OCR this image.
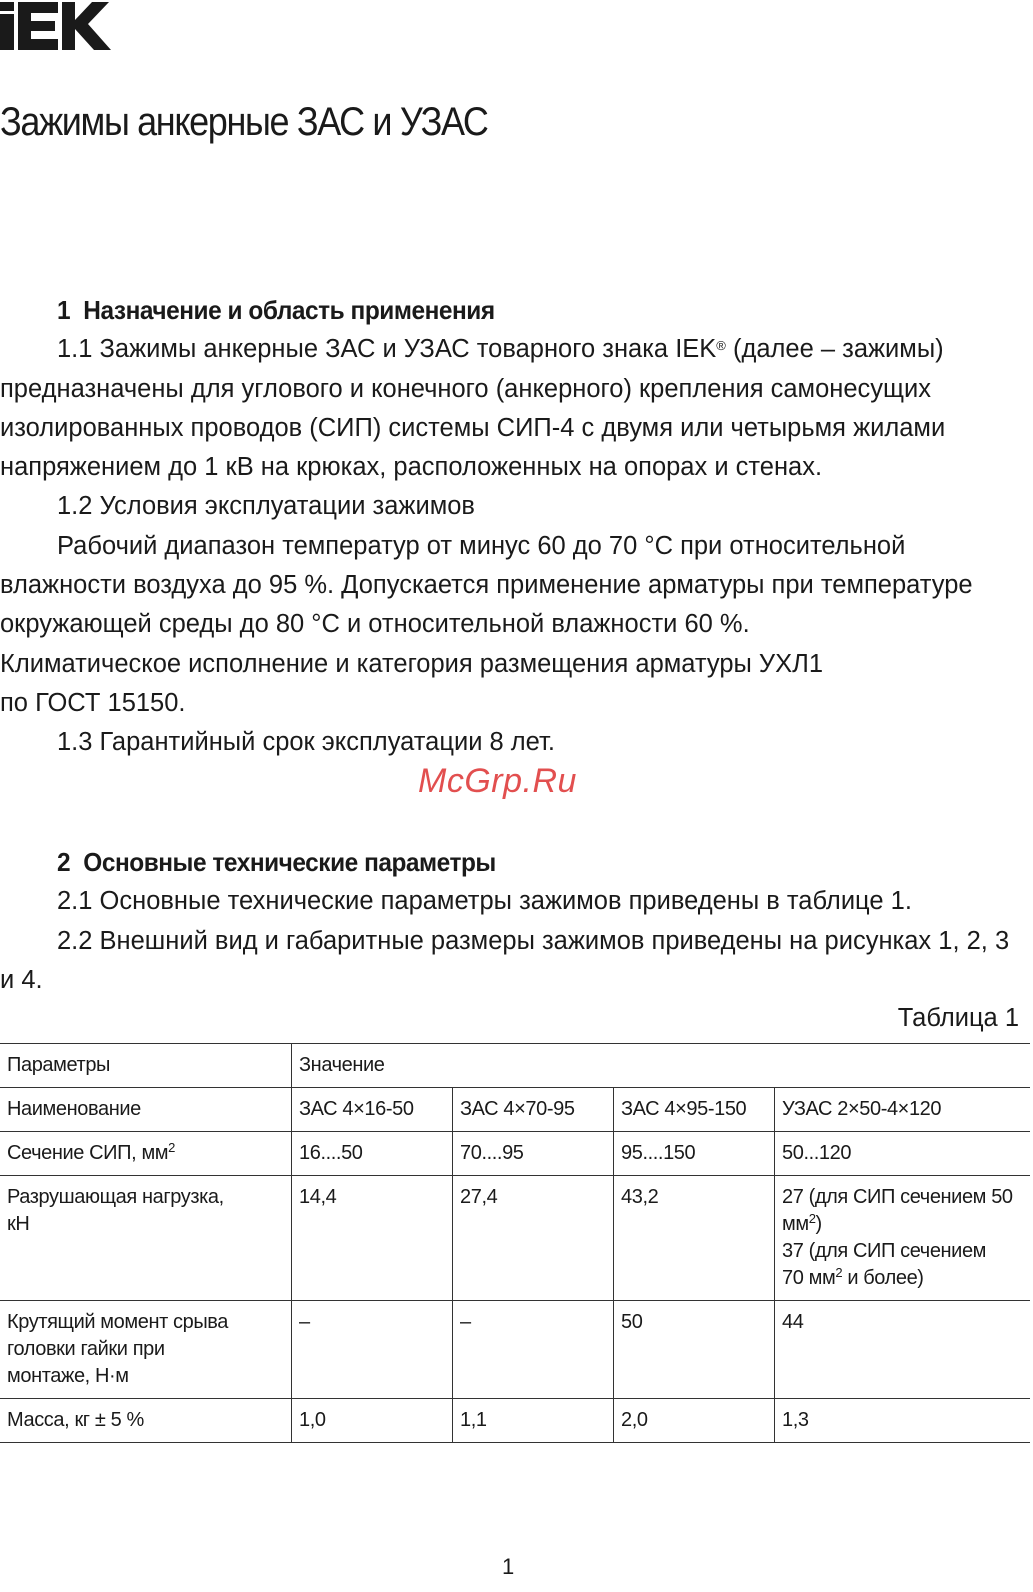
Зажимы анкерные ЗАС и УЗАС
1 Назначение и область применения

1.1 Зажимы анкерные ЗАС и УЗАС товарного знака IEK® (далее – зажимы) предназначены для углового и конечного (анкерного) крепления самонесущих изолированных проводов (СИП) системы СИП-4 с двумя или четырьмя жилами напряжением до 1 кВ на крюках, расположенных на опорах и стенах.

1.2 Условия эксплуатации зажимов

Рабочий диапазон температур от минус 60 до 70 °С при относительной влажности воздуха до 95 %. Допускается применение арматуры при температуре окружающей среды до 80 °С и относительной влажности 60 %.

Климатическое исполнение и категория размещения арматуры УХЛ1

по ГОСТ 15150.

1.3 Гарантийный срок эксплуатации 8 лет.

McGrp.Ru
2 Основные технические параметры

2.1 Основные технические параметры зажимов приведены в таблице 1.

2.2 Внешний вид и габаритные размеры зажимов приведены на рисунках 1, 2, 3 и 4.

Таблица 1
Параметры	Значение			
Наименование	ЗАС 4×16-50	ЗАС 4×70-95	ЗАС 4×95-150	УЗАС 2×50-4×120
Сечение СИП, $мм^2$	16....50	70....95	95....150	50...120
Разрушающая нагрузка, кН	14,4	27,4	43,2	27 (для СИП сечением 50 $мм^2$)
37 (для СИП сечением
70 $мм^2$ и более)

Крутящий момент срыва головки гайки при монтаже, Н·м	–	–	50	44
Масса, кг ± 5 %	1,0	1,1	2,0	1,3
1
